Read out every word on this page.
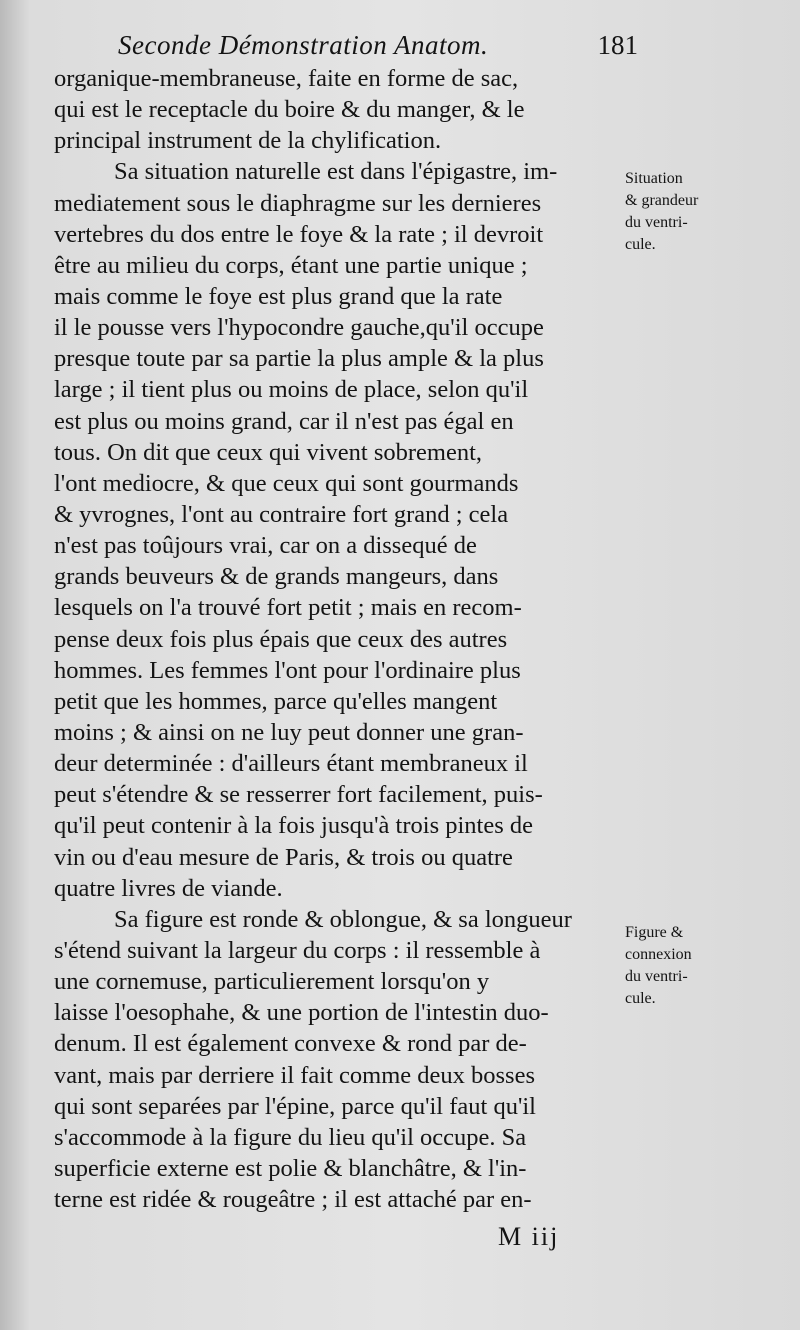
Seconde Démonstration Anatom.	181
organique-membraneuse, faite en forme de sac,
qui est le receptacle du boire & du manger, & le
principal instrument de la chylification.
Sa situation naturelle est dans l'épigastre, im-
mediatement sous le diaphragme sur les dernieres
vertebres du dos entre le foye & la rate ; il devroit
être au milieu du corps, étant une partie unique ;
mais comme le foye est plus grand que la rate
il le pousse vers l'hypocondre gauche,qu'il occupe
presque toute par sa partie la plus ample & la plus
large ; il tient plus ou moins de place, selon qu'il
est plus ou moins grand, car il n'est pas égal en
tous. On dit que ceux qui vivent sobrement,
l'ont mediocre, & que ceux qui sont gourmands
& yvrognes, l'ont au contraire fort grand ; cela
n'est pas toûjours vrai, car on a dissequé de
grands beuveurs & de grands mangeurs, dans
lesquels on l'a trouvé fort petit ; mais en recom-
pense deux fois plus épais que ceux des autres
hommes. Les femmes l'ont pour l'ordinaire plus
petit que les hommes, parce qu'elles mangent
moins ; & ainsi on ne luy peut donner une gran-
deur determinée : d'ailleurs étant membraneux il
peut s'étendre & se resserrer fort facilement, puis-
qu'il peut contenir à la fois jusqu'à trois pintes de
vin ou d'eau mesure de Paris, & trois ou quatre
quatre livres de viande.
Sa figure est ronde & oblongue, & sa longueur
s'étend suivant la largeur du corps : il ressemble à
une cornemuse, particulierement lorsqu'on y
laisse l'oesophahe, & une portion de l'intestin duo-
denum. Il est également convexe & rond par de-
vant, mais par derriere il fait comme deux bosses
qui sont separées par l'épine, parce qu'il faut qu'il
s'accommode à la figure du lieu qu'il occupe. Sa
superficie externe est polie & blanchâtre, & l'in-
terne est ridée & rougeâtre ; il est attaché par en-
Situation
& grandeur
du ventri-
cule.
Figure &
connexion
du ventri-
cule.
M iij
